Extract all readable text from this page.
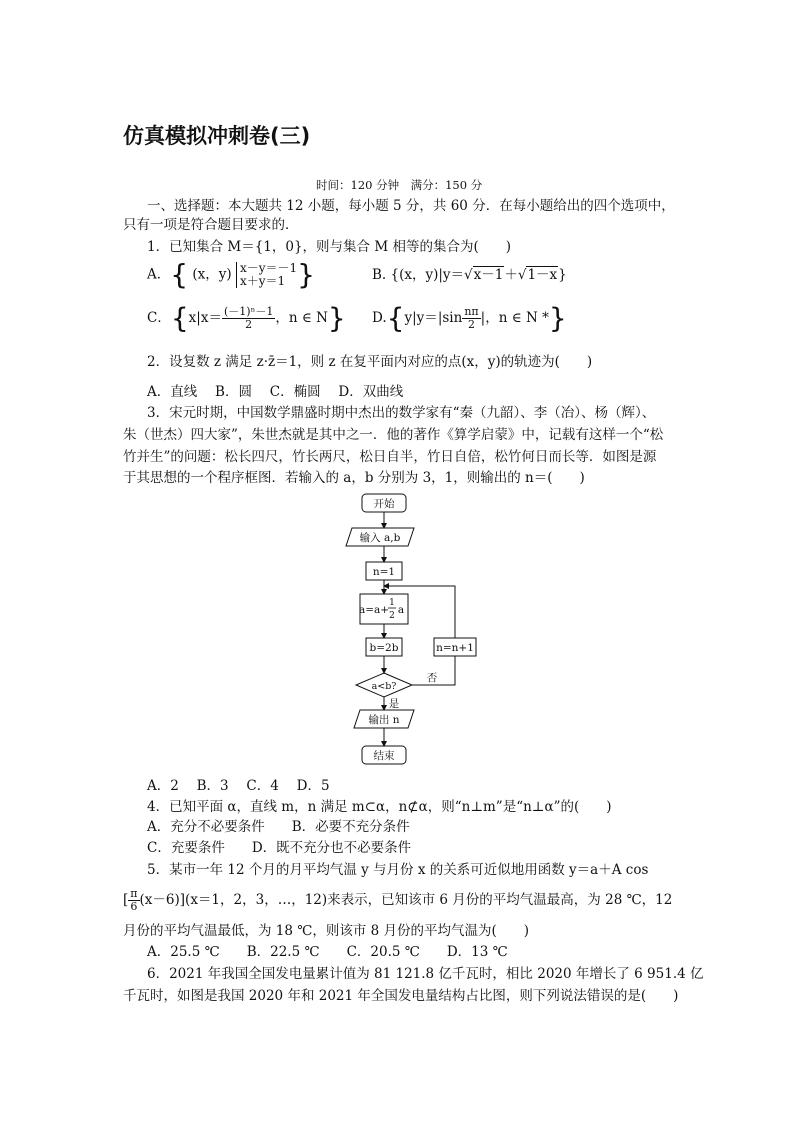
仿真模拟冲刺卷(三)
时间：120 分钟　满分：150 分
一、选择题：本大题共 12 小题，每小题 5 分，共 60 分．在每小题给出的四个选项中，
只有一项是符合题目要求的．
1．已知集合 M＝{1，0}，则与集合 M 相等的集合为(　　)
A．{ (x，y) x－y＝－1
x＋y＝1 }	B. {(x，y)|y＝√x－1＋√1－x}
C．{$x|x= \frac{\text{(－1)ⁿ－1}}{2}$ ，n ∈ N} $D.\{y|y=|\sin \frac{n\pi}{2}$ |，n ∈ N *}
2．设复数 z 满足 z·z̄＝1，则 z 在复平面内对应的点(x，y)的轨迹为(　　)
A．直线　 B．圆　 C．椭圆　 D．双曲线
3．宋元时期，中国数学鼎盛时期中杰出的数学家有“秦（九韶）、李（冶）、杨（辉）、
朱（世杰）四大家”，朱世杰就是其中之一．他的著作《算学启蒙》中，记载有这样一个“松
竹并生”的问题：松长四尺，竹长两尺，松日自半，竹日自倍，松竹何日而长等．如图是源
于其思想的一个程序框图．若输入的 a，b 分别为 3，1，则输出的 n＝(　　)
开始
输入 a,b
n=1
a=a+
1
2 a
b=2b
a<b?
n=n+1
否
是
输出 n
结束
A．2　 B．3　 C．4　 D．5
4．已知平面 α，直线 m，n 满足 m⊂α，n⊄α，则“n⊥m”是“n⊥α”的(　　)
A．充分不必要条件　　B．必要不充分条件
C．充要条件　　D．既不充分也不必要条件
5．某市一年 12 个月的月平均气温 y 与月份 x 的关系可近似地用函数 y＝a＋A cos
[ $\frac{\pi}{6} (x-6)](x=1$，2，3，…，12)来表示，已知该市 6 月份的平均气温最高，为 28 ℃，12
月份的平均气温最低，为 18 ℃，则该市 8 月份的平均气温为(　　)
A．25.5 ℃　　B．22.5 ℃　　C．20.5 ℃　　D．13 ℃
6．2021 年我国全国发电量累计值为 81 121.8 亿千瓦时，相比 2020 年增长了 6 951.4 亿
千瓦时，如图是我国 2020 年和 2021 年全国发电量结构占比图，则下列说法错误的是(　　)
